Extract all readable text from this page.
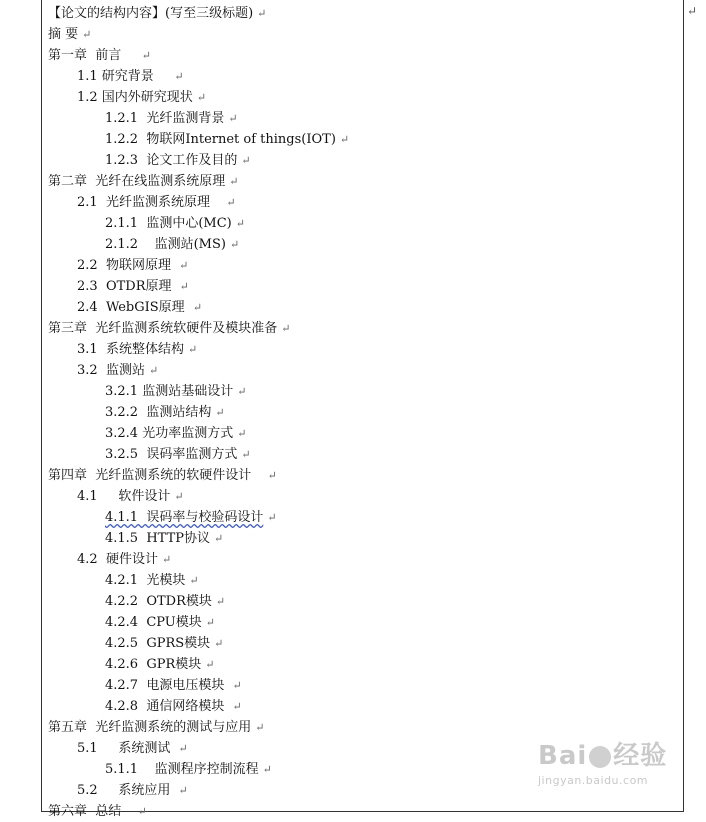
↵
【论文的结构内容】(写至三级标题) ↵
摘 要 ↵
第一章  前言    ↵
1.1 研究背景    ↵
1.2 国内外研究现状 ↵
1.2.1  光纤监测背景 ↵
1.2.2  物联网Internet of things(IOT) ↵
1.2.3  论文工作及目的 ↵
第二章  光纤在线监测系统原理 ↵
2.1  光纤监测系统原理   ↵
2.1.1  监测中心(MC) ↵
2.1.2    监测站(MS) ↵
2.2  物联网原理 ↵
2.3  OTDR原理 ↵
2.4  WebGIS原理 ↵
第三章  光纤监测系统软硬件及模块准备 ↵
3.1  系统整体结构 ↵
3.2  监测站 ↵
3.2.1 监测站基础设计 ↵
3.2.2  监测站结构 ↵
3.2.4 光功率监测方式 ↵
3.2.5  误码率监测方式 ↵
第四章  光纤监测系统的软硬件设计   ↵
4.1     软件设计 ↵
4.1.1  误码率与校验码设计 ↵
4.1.5  HTTP协议 ↵
4.2  硬件设计 ↵
4.2.1  光模块 ↵
4.2.2  OTDR模块 ↵
4.2.4  CPU模块 ↵
4.2.5  GPRS模块 ↵
4.2.6  GPR模块 ↵
4.2.7  电源电压模块 ↵
4.2.8  通信网络模块 ↵
第五章  光纤监测系统的测试与应用 ↵
5.1     系统测试 ↵
5.1.1    监测程序控制流程 ↵
5.2     系统应用 ↵
第六章  总结   ↵
Bai 经验
jingyan.baidu.com
